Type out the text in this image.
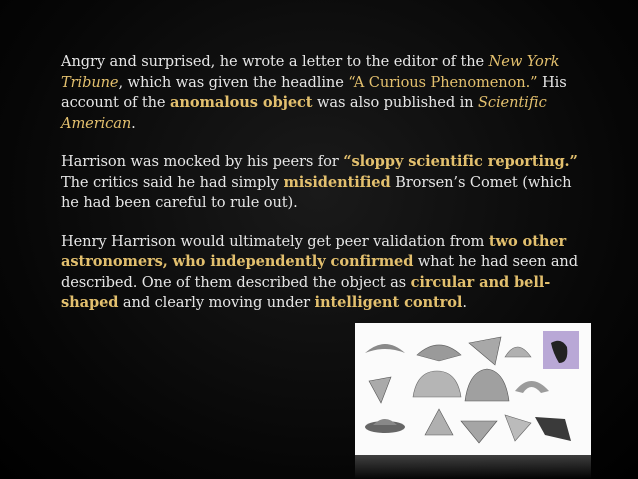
Angry and surprised, he wrote a letter to the editor of the New York Tribune, which was given the headline “A Curious Phenomenon.” His account of the anomalous object was also published in Scientific American.

Harrison was mocked by his peers for “sloppy scientific reporting.” The critics said he had simply misidentified Brorsen’s Comet (which he had been careful to rule out).

Henry Harrison would ultimately get peer validation from two other astronomers, who independently confirmed what he had seen and described. One of them described the object as circular and bell-shaped and clearly moving under intelligent control.
